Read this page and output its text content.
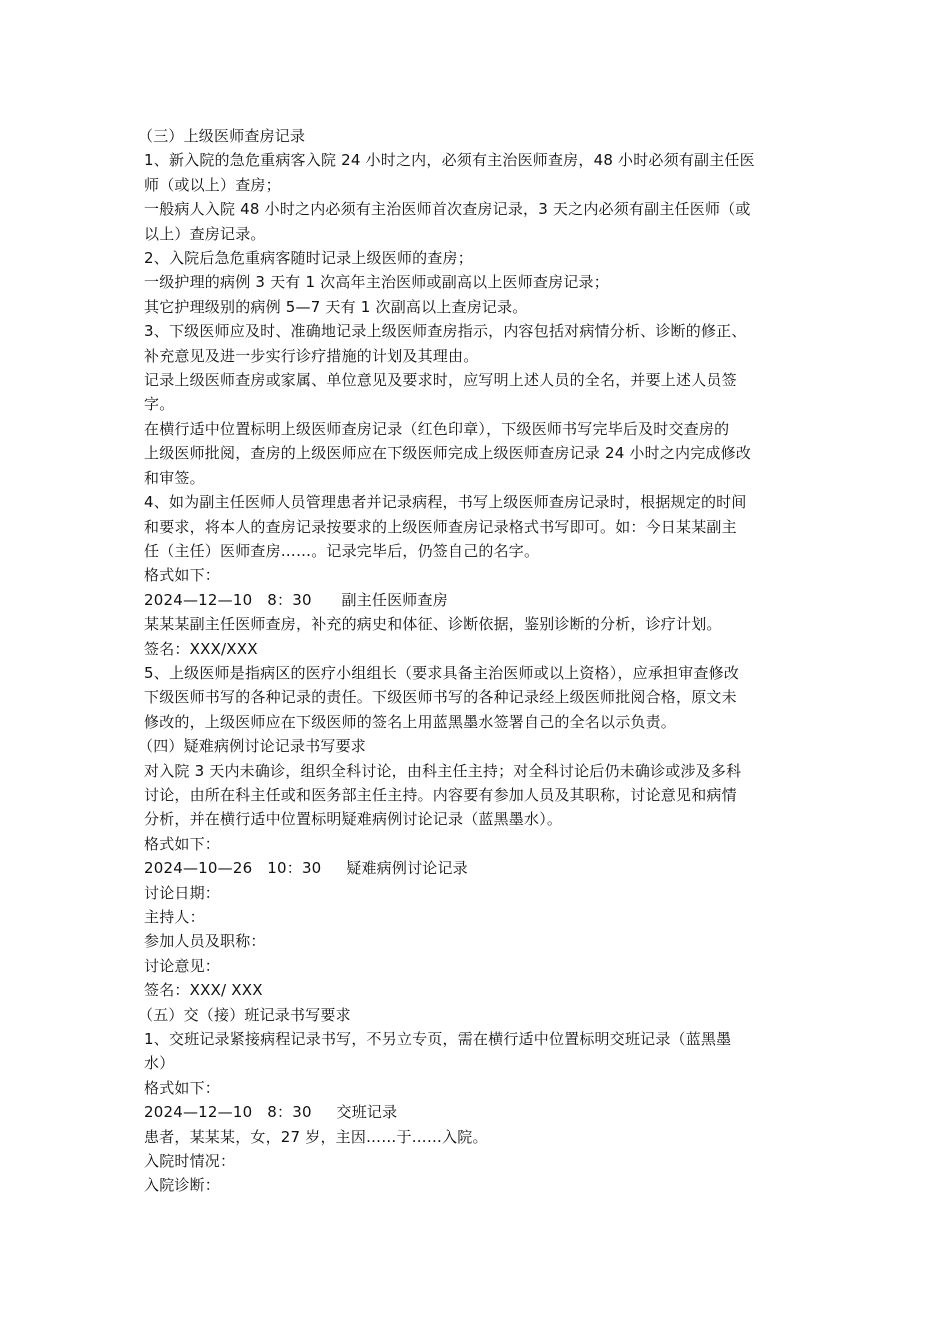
（三）上级医师查房记录
1、新入院的急危重病客入院 24 小时之内，必须有主治医师查房，48 小时必须有副主任医
师（或以上）查房；
一般病人入院 48 小时之内必须有主治医师首次查房记录，3 天之内必须有副主任医师（或
以上）查房记录。
2、入院后急危重病客随时记录上级医师的查房；
一级护理的病例 3 天有 1 次高年主治医师或副高以上医师查房记录；
其它护理级别的病例 5—7 天有 1 次副高以上查房记录。
3、下级医师应及时、准确地记录上级医师查房指示，内容包括对病情分析、诊断的修正、
补充意见及进一步实行诊疗措施的计划及其理由。
记录上级医师查房或家属、单位意见及要求时，应写明上述人员的全名，并要上述人员签
字。
在横行适中位置标明上级医师查房记录（红色印章），下级医师书写完毕后及时交查房的
上级医师批阅，查房的上级医师应在下级医师完成上级医师查房记录 24 小时之内完成修改
和审签。
4、如为副主任医师人员管理患者并记录病程，书写上级医师查房记录时，根据规定的时间
和要求，将本人的查房记录按要求的上级医师查房记录格式书写即可。如：今日某某副主
任（主任）医师查房……。记录完毕后，仍签自己的名字。
格式如下：
2024—12—10   8：30      副主任医师查房
某某某副主任医师查房，补充的病史和体征、诊断依据，鉴别诊断的分析，诊疗计划。
签名：XXX/XXX
5、上级医师是指病区的医疗小组组长（要求具备主治医师或以上资格），应承担审查修改
下级医师书写的各种记录的责任。下级医师书写的各种记录经上级医师批阅合格，原文未
修改的，上级医师应在下级医师的签名上用蓝黑墨水签署自己的全名以示负责。
（四）疑难病例讨论记录书写要求
对入院 3 天内未确诊，组织全科讨论，由科主任主持；对全科讨论后仍未确诊或涉及多科
讨论，由所在科主任或和医务部主任主持。内容要有参加人员及其职称，讨论意见和病情
分析，并在横行适中位置标明疑难病例讨论记录（蓝黑墨水）。
格式如下：
2024—10—26   10：30     疑难病例讨论记录
讨论日期：
主持人：
参加人员及职称：
讨论意见：
签名：XXX/ XXX
（五）交（接）班记录书写要求
1、交班记录紧接病程记录书写，不另立专页，需在横行适中位置标明交班记录（蓝黑墨
水）
格式如下：
2024—12—10   8：30     交班记录
患者，某某某，女，27 岁，主因……于……入院。
入院时情况：
入院诊断：
